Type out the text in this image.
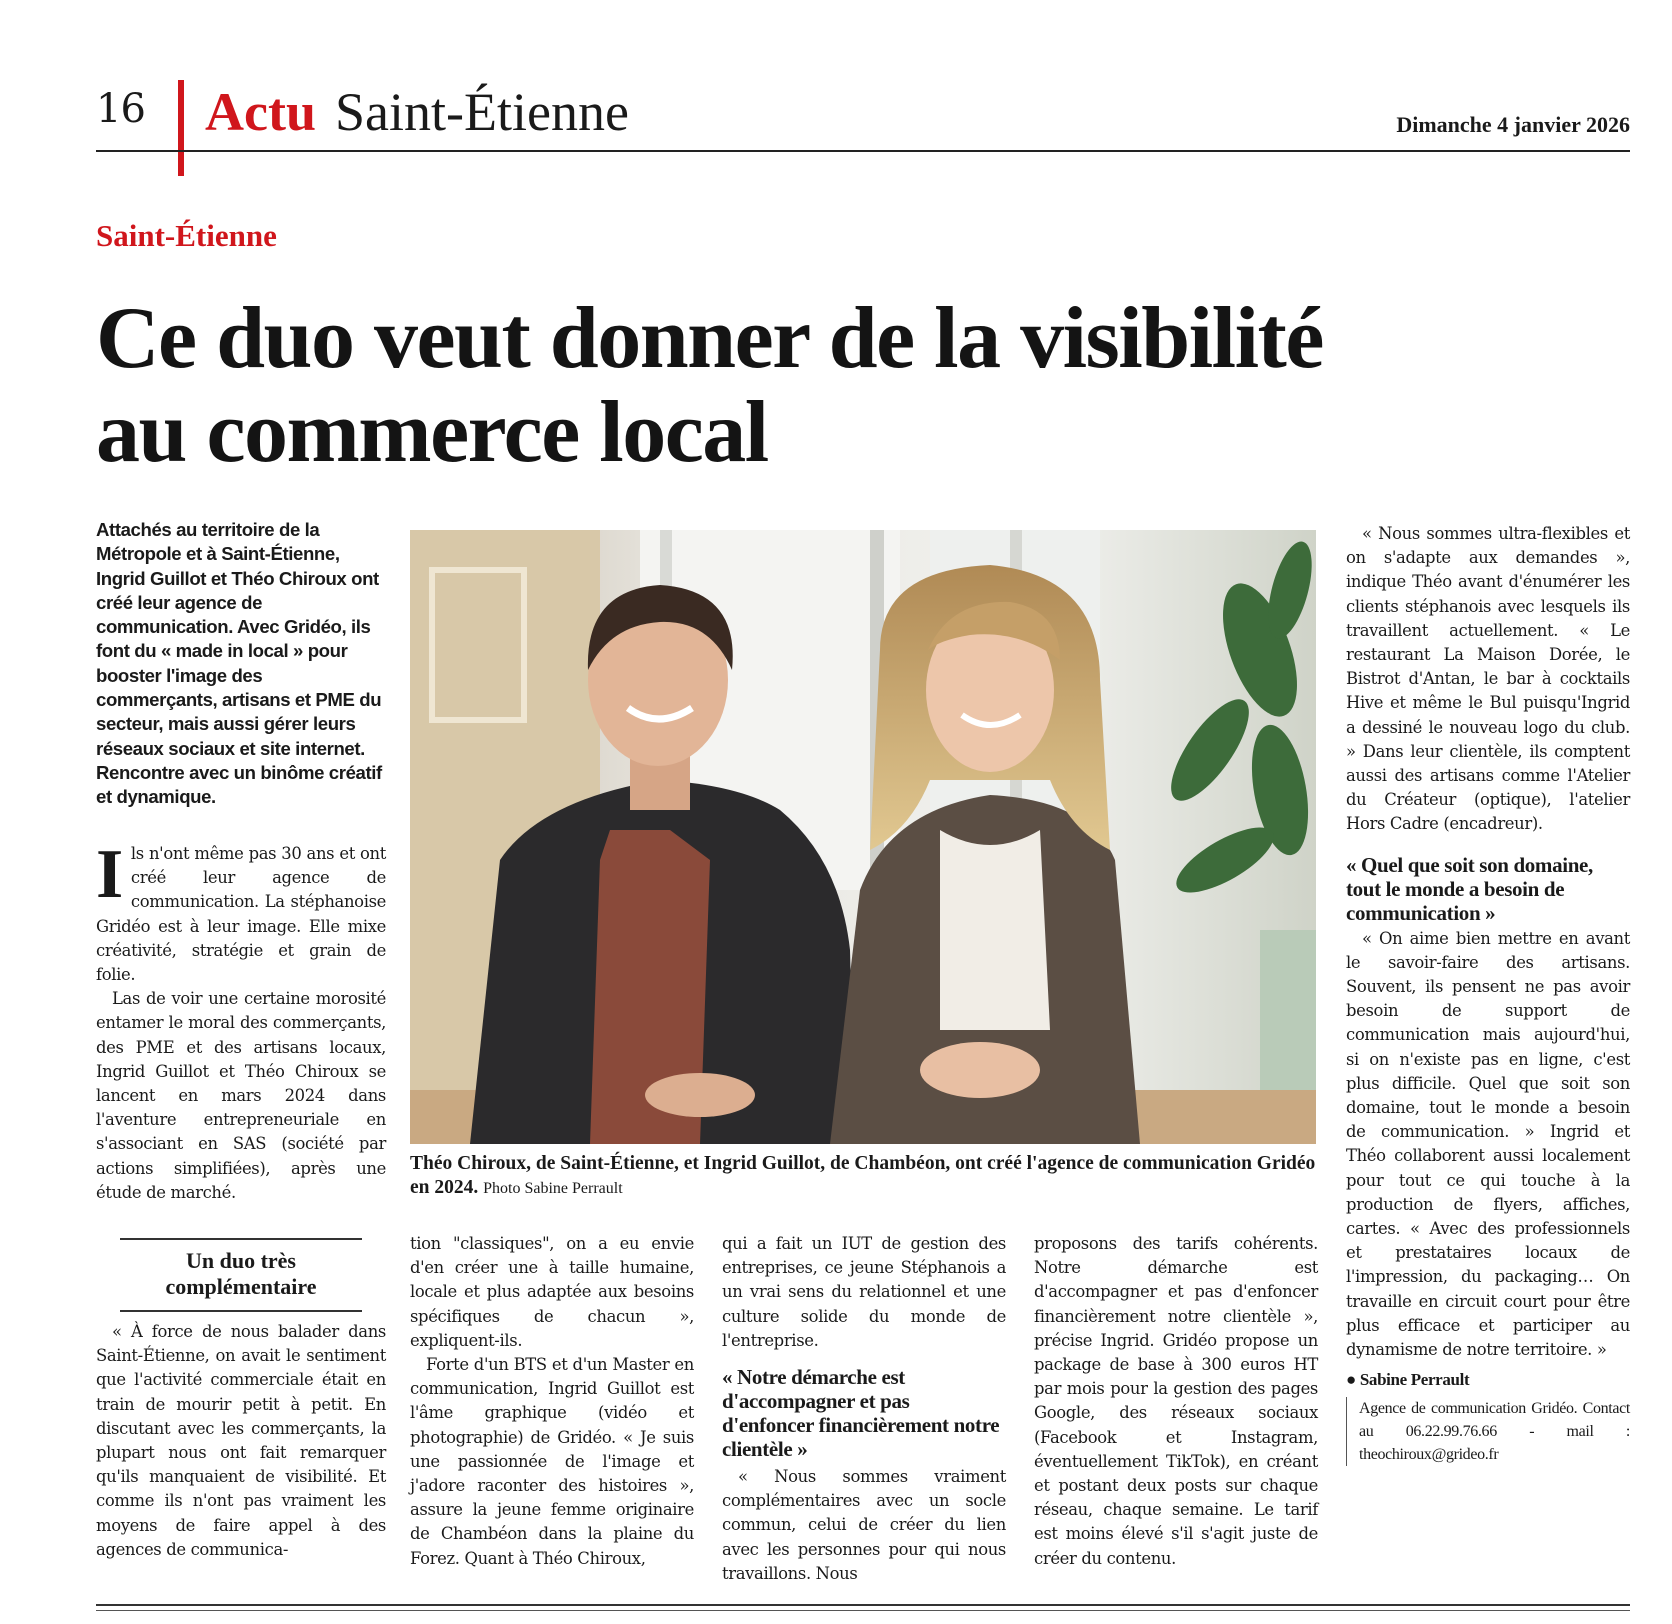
16 Actu Saint-Étienne	Dimanche 4 janvier 2026
Saint-Étienne
Ce duo veut donner de la visibilité
au commerce local
Attachés au territoire de la Métropole et à Saint-Étienne, Ingrid Guillot et Théo Chiroux ont créé leur agence de communication. Avec Gridéo, ils font du « made in local » pour booster l'image des commerçants, artisans et PME du secteur, mais aussi gérer leurs réseaux sociaux et site internet. Rencontre avec un binôme créatif et dynamique.

Ils n'ont même pas 30 ans et ont créé leur agence de communication. La stéphanoise Gridéo est à leur image. Elle mixe créativité, stratégie et grain de folie.

Las de voir une certaine morosité entamer le moral des commerçants, des PME et des artisans locaux, Ingrid Guillot et Théo Chiroux se lancent en mars 2024 dans l'aventure entrepreneuriale en s'associant en SAS (société par actions simplifiées), après une étude de marché.

Un duo très complémentaire

« À force de nous balader dans Saint-Étienne, on avait le sentiment que l'activité commerciale était en train de mourir petit à petit. En discutant avec les commerçants, la plupart nous ont fait remarquer qu'ils manquaient de visibilité. Et comme ils n'ont pas vraiment les moyens de faire appel à des agences de communica-

Théo Chiroux, de Saint-Étienne, et Ingrid Guillot, de Chambéon, ont créé l'agence de communication Gridéo en 2024. Photo Sabine Perrault

tion "classiques", on a eu envie d'en créer une à taille humaine, locale et plus adaptée aux besoins spécifiques de chacun », expliquent-ils.

Forte d'un BTS et d'un Master en communication, Ingrid Guillot est l'âme graphique (vidéo et photographie) de Gridéo. « Je suis une passionnée de l'image et j'adore raconter des histoires », assure la jeune femme originaire de Chambéon dans la plaine du Forez. Quant à Théo Chiroux,

qui a fait un IUT de gestion des entreprises, ce jeune Stéphanois a un vrai sens du relationnel et une culture solide du monde de l'entreprise.

« Notre démarche est d'accompagner et pas d'enfoncer financièrement notre clientèle »

« Nous sommes vraiment complémentaires avec un socle commun, celui de créer du lien avec les personnes pour qui nous travaillons. Nous

proposons des tarifs cohérents. Notre démarche est d'accompagner et pas d'enfoncer financièrement notre clientèle », précise Ingrid. Gridéo propose un package de base à 300 euros HT par mois pour la gestion des pages Google, des réseaux sociaux (Facebook et Instagram, éventuellement TikTok), en créant et postant deux posts sur chaque réseau, chaque semaine. Le tarif est moins élevé s'il s'agit juste de créer du contenu.

« Nous sommes ultra-flexibles et on s'adapte aux demandes », indique Théo avant d'énumérer les clients stéphanois avec lesquels ils travaillent actuellement. « Le restaurant La Maison Dorée, le Bistrot d'Antan, le bar à cocktails Hive et même le Bul puisqu'Ingrid a dessiné le nouveau logo du club. » Dans leur clientèle, ils comptent aussi des artisans comme l'Atelier du Créateur (optique), l'atelier Hors Cadre (encadreur).

« Quel que soit son domaine, tout le monde a besoin de communication »

« On aime bien mettre en avant le savoir-faire des artisans. Souvent, ils pensent ne pas avoir besoin de support de communication mais aujourd'hui, si on n'existe pas en ligne, c'est plus difficile. Quel que soit son domaine, tout le monde a besoin de communication. » Ingrid et Théo collaborent aussi localement pour tout ce qui touche à la production de flyers, affiches, cartes. « Avec des professionnels et prestataires locaux de l'impression, du packaging… On travaille en circuit court pour être plus efficace et participer au dynamisme de notre territoire. »

● Sabine Perrault
Agence de communication Gridéo. Contact au 06.22.99.76.66 - mail : theochiroux@grideo.fr
